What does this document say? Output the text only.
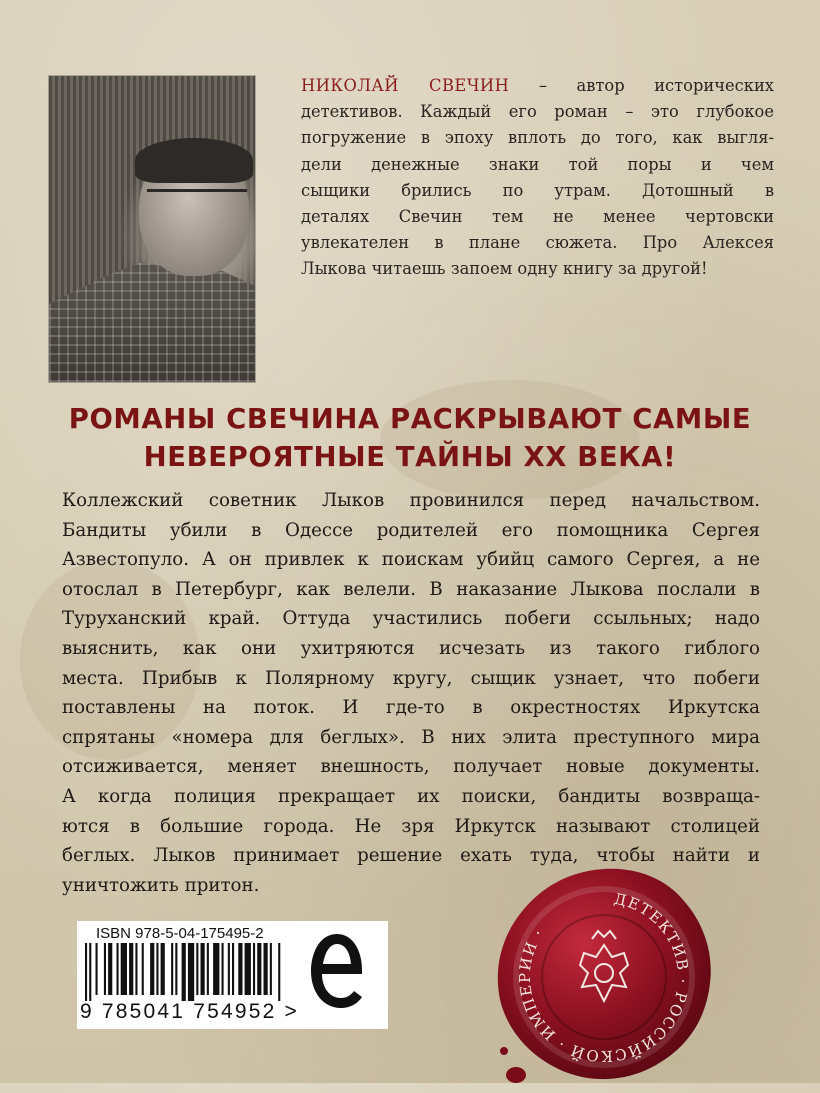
НИКОЛАЙ СВЕЧИН – автор исторических
детективов. Каждый его роман – это глубокое
погружение в эпоху вплоть до того, как выгля-
дели денежные знаки той поры и чем
сыщики брились по утрам. Дотошный в
деталях Свечин тем не менее чертовски
увлекателен в плане сюжета. Про Алексея
Лыкова читаешь запоем одну книгу за другой!
РОМАНЫ СВЕЧИНА РАСКРЫВАЮТ САМЫЕ
НЕВЕРОЯТНЫЕ ТАЙНЫ ХХ ВЕКА!
Коллежский советник Лыков провинился перед начальством.
Бандиты убили в Одессе родителей его помощника Сергея
Азвестопуло. А он привлек к поискам убийц самого Сергея, а не
отослал в Петербург, как велели. В наказание Лыкова послали в
Туруханский край. Оттуда участились побеги ссыльных; надо
выяснить, как они ухитряются исчезать из такого гиблого
места. Прибыв к Полярному кругу, сыщик узнает, что побеги
поставлены на поток. И где-то в окрестностях Иркутска
спрятаны «номера для беглых». В них элита преступного мира
отсиживается, меняет внешность, получает новые документы.
А когда полиция прекращает их поиски, бандиты возвраща-
ются в большие города. Не зря Иркутск называют столицей
беглых. Лыков принимает решение ехать туда, чтобы найти и
уничтожить притон.
ISBN 978-5-04-175495-2
9 785041 754952 >
ДЕТЕКТИВ · РОССИЙСКОЙ · ИМПЕРИИ ·
